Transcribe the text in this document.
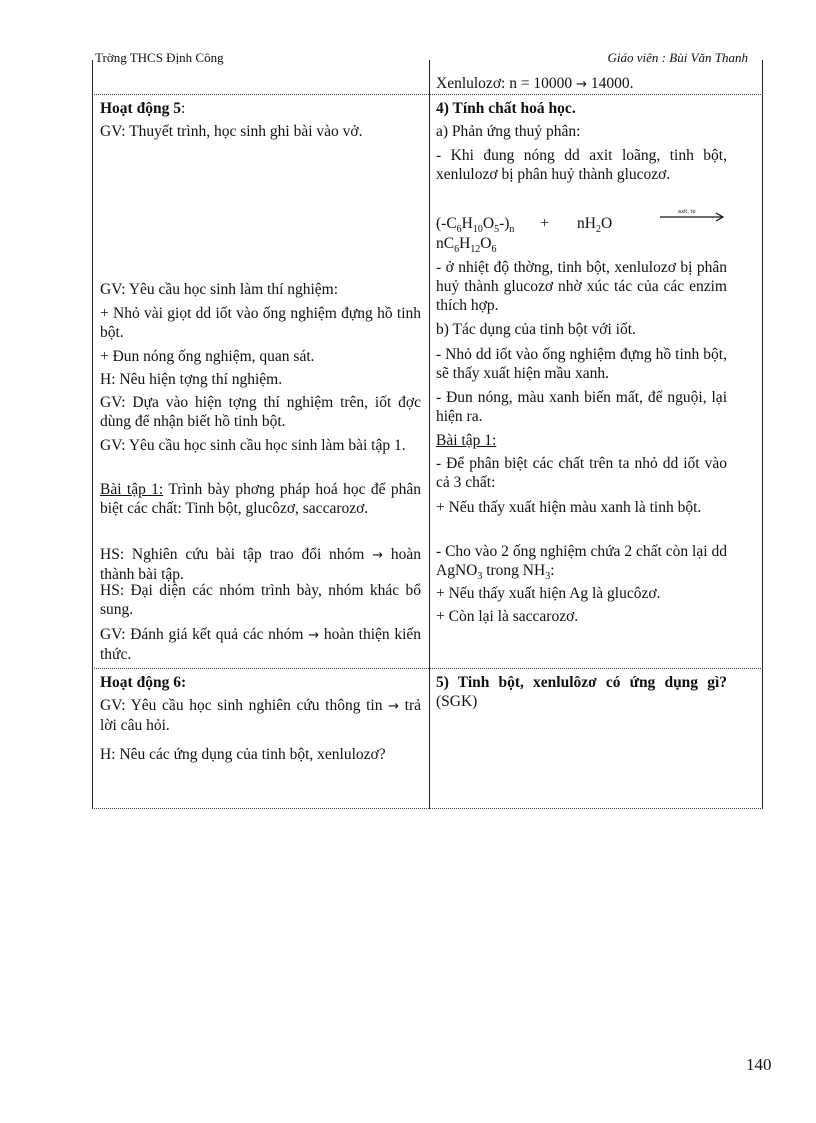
Trờng THCS Định Công	Giáo viên : Bùi Văn Thanh

Xenlulozơ: n = 10000 → 14000.

4) Tính chất hoá học.

a) Phản ứng thuỷ phân:

- Khi đung nóng dd axit loãng, tinh bột, xenlulozơ bị phân huỷ thành glucozơ.

$(-C_6H_{10}O_5-)_n + nH_2O$

axit, to

$nC_6H_{12}O_6$

- ở nhiệt độ thờng, tinh bột, xenlulozơ bị phân huỷ thành glucozơ nhờ xúc tác của các enzim thích hợp.

b) Tác dụng của tinh bột với iốt.

- Nhỏ dd iốt vào ống nghiệm đựng hồ tinh bột, sẽ thấy xuất hiện mầu xanh.

- Đun nóng, màu xanh biến mất, để nguội, lại hiện ra.

Bài tập 1:

- Để phân biệt các chất trên ta nhỏ dd iốt vào cả 3 chất:

+ Nếu thấy xuất hiện màu xanh là tinh bột.

- Cho vào 2 ống nghiệm chứa 2 chất còn lại dd AgNO$_3$ trong $NH_3$:

+ Nếu thấy xuất hiện Ag là glucôzơ.

+ Còn lại là saccarozơ.

5) Tinh bột, xenlulôzơ có ứng dụng gì? (SGK)

Hoạt động 5:

GV: Thuyết trình, học sinh ghi bài vào vở.

GV: Yêu cầu học sinh làm thí nghiệm:

+ Nhỏ vài giọt dd iốt vào ống nghiệm đựng hồ tinh bột.

+ Đun nóng ống nghiệm, quan sát.

H: Nêu hiện tợng thí nghiệm.

GV: Dựa vào hiện tợng thí nghiệm trên, iốt đợc dùng để nhận biết hồ tinh bột.

GV: Yêu cầu học sinh cầu học sinh làm bài tập 1.

Bài tập 1: Trình bày phơng pháp hoá học để phân biệt các chất: Tinh bột, glucôzơ, saccarozơ.

HS: Nghiên cứu bài tập trao đổi nhóm → hoàn thành bài tập.

HS: Đại diện các nhóm trình bày, nhóm khác bổ sung.

GV: Đánh giá kết quả các nhóm → hoàn thiện kiến thức.

Hoạt động 6:

GV: Yêu cầu học sinh nghiên cứu thông tin → trả lời câu hỏi.

H: Nêu các ứng dụng của tinh bột, xenlulozơ?

140
